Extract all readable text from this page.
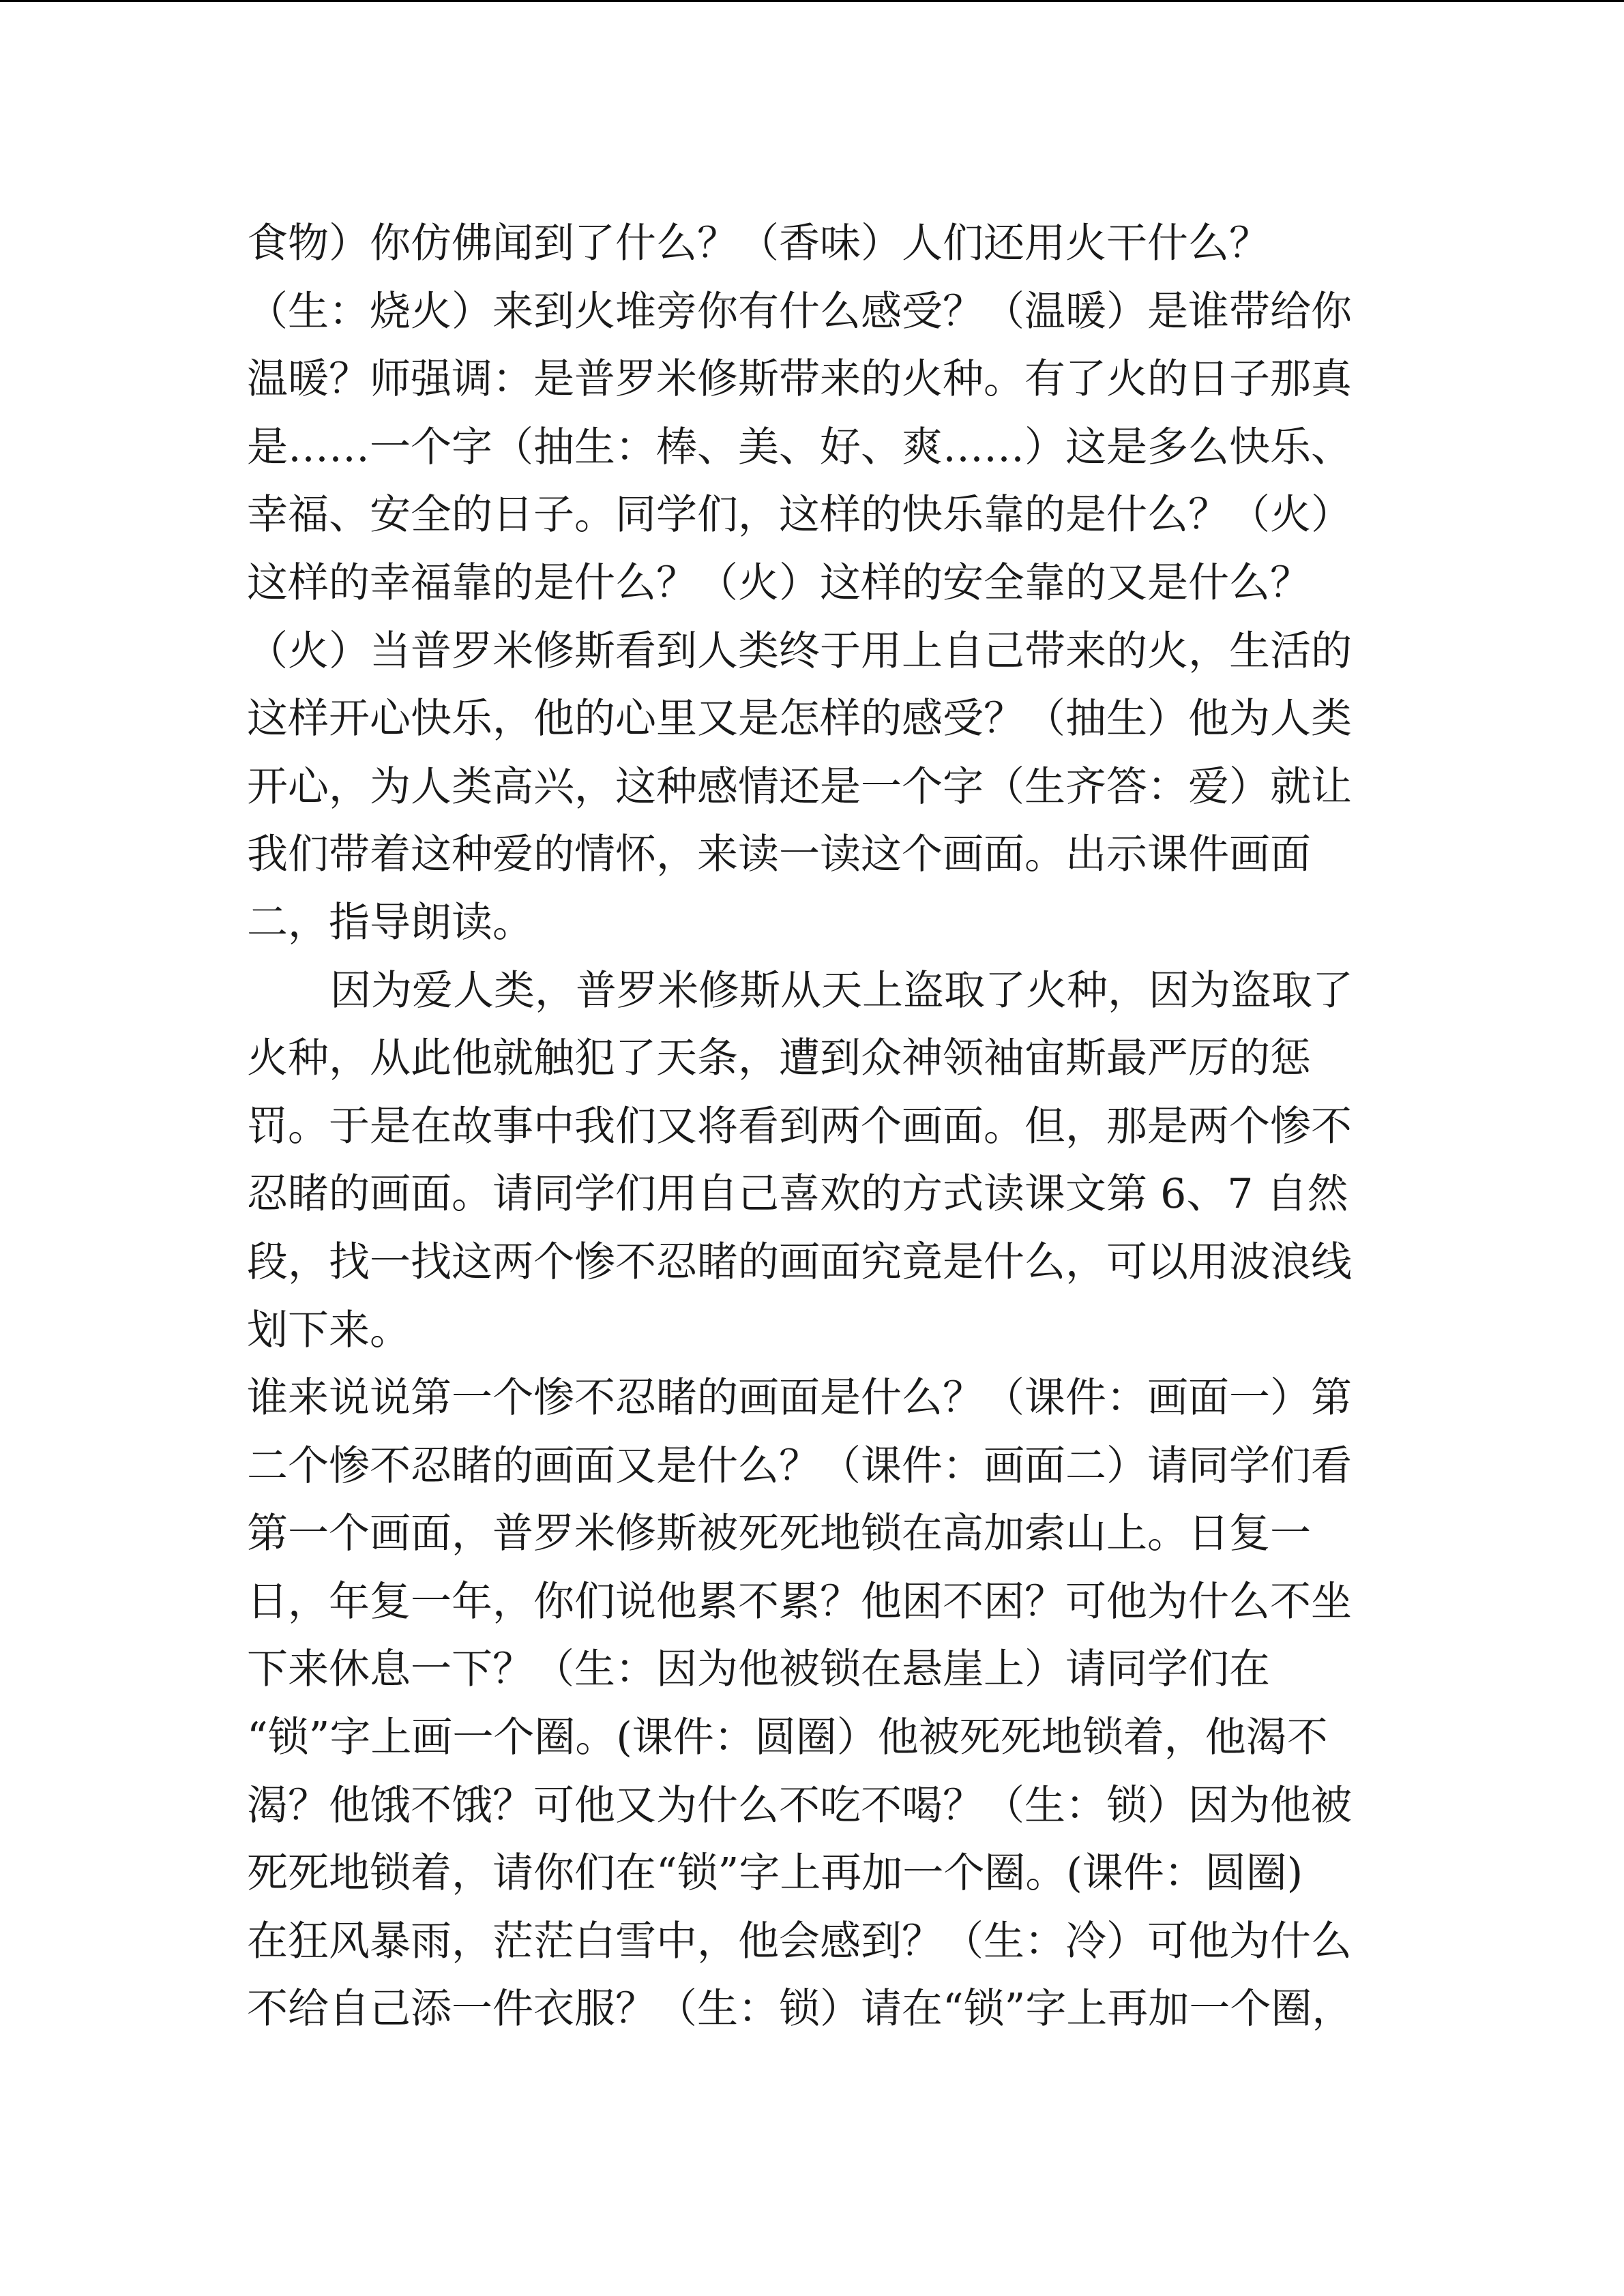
食物）你仿佛闻到了什么？（香味）人们还用火干什么？
（生：烧火）来到火堆旁你有什么感受？（温暖）是谁带给你
温暖？师强调：是普罗米修斯带来的火种。有了火的日子那真
是……一个字（抽生：棒、美、好、爽……）这是多么快乐、
幸福、安全的日子。同学们，这样的快乐靠的是什么？（火）
这样的幸福靠的是什么？（火）这样的安全靠的又是什么？
（火）当普罗米修斯看到人类终于用上自己带来的火，生活的
这样开心快乐，他的心里又是怎样的感受？（抽生）他为人类
开心，为人类高兴，这种感情还是一个字（生齐答：爱）就让
我们带着这种爱的情怀，来读一读这个画面。出示课件画面
二，指导朗读。
因为爱人类，普罗米修斯从天上盗取了火种，因为盗取了
火种，从此他就触犯了天条，遭到众神领袖宙斯最严厉的惩
罚。于是在故事中我们又将看到两个画面。但，那是两个惨不
忍睹的画面。请同学们用自己喜欢的方式读课文第 6、7 自然
段，找一找这两个惨不忍睹的画面究竟是什么，可以用波浪线
划下来。
谁来说说第一个惨不忍睹的画面是什么？（课件：画面一）第
二个惨不忍睹的画面又是什么？（课件：画面二）请同学们看
第一个画面，普罗米修斯被死死地锁在高加索山上。日复一
日，年复一年，你们说他累不累？他困不困？可他为什么不坐
下来休息一下？（生：因为他被锁在悬崖上）请同学们在
“锁”字上画一个圈。(课件：圆圈）他被死死地锁着，他渴不
渴？他饿不饿？可他又为什么不吃不喝？（生：锁）因为他被
死死地锁着，请你们在“锁”字上再加一个圈。(课件：圆圈)
在狂风暴雨，茫茫白雪中，他会感到？（生：冷）可他为什么
不给自己添一件衣服？（生：锁）请在“锁”字上再加一个圈，
